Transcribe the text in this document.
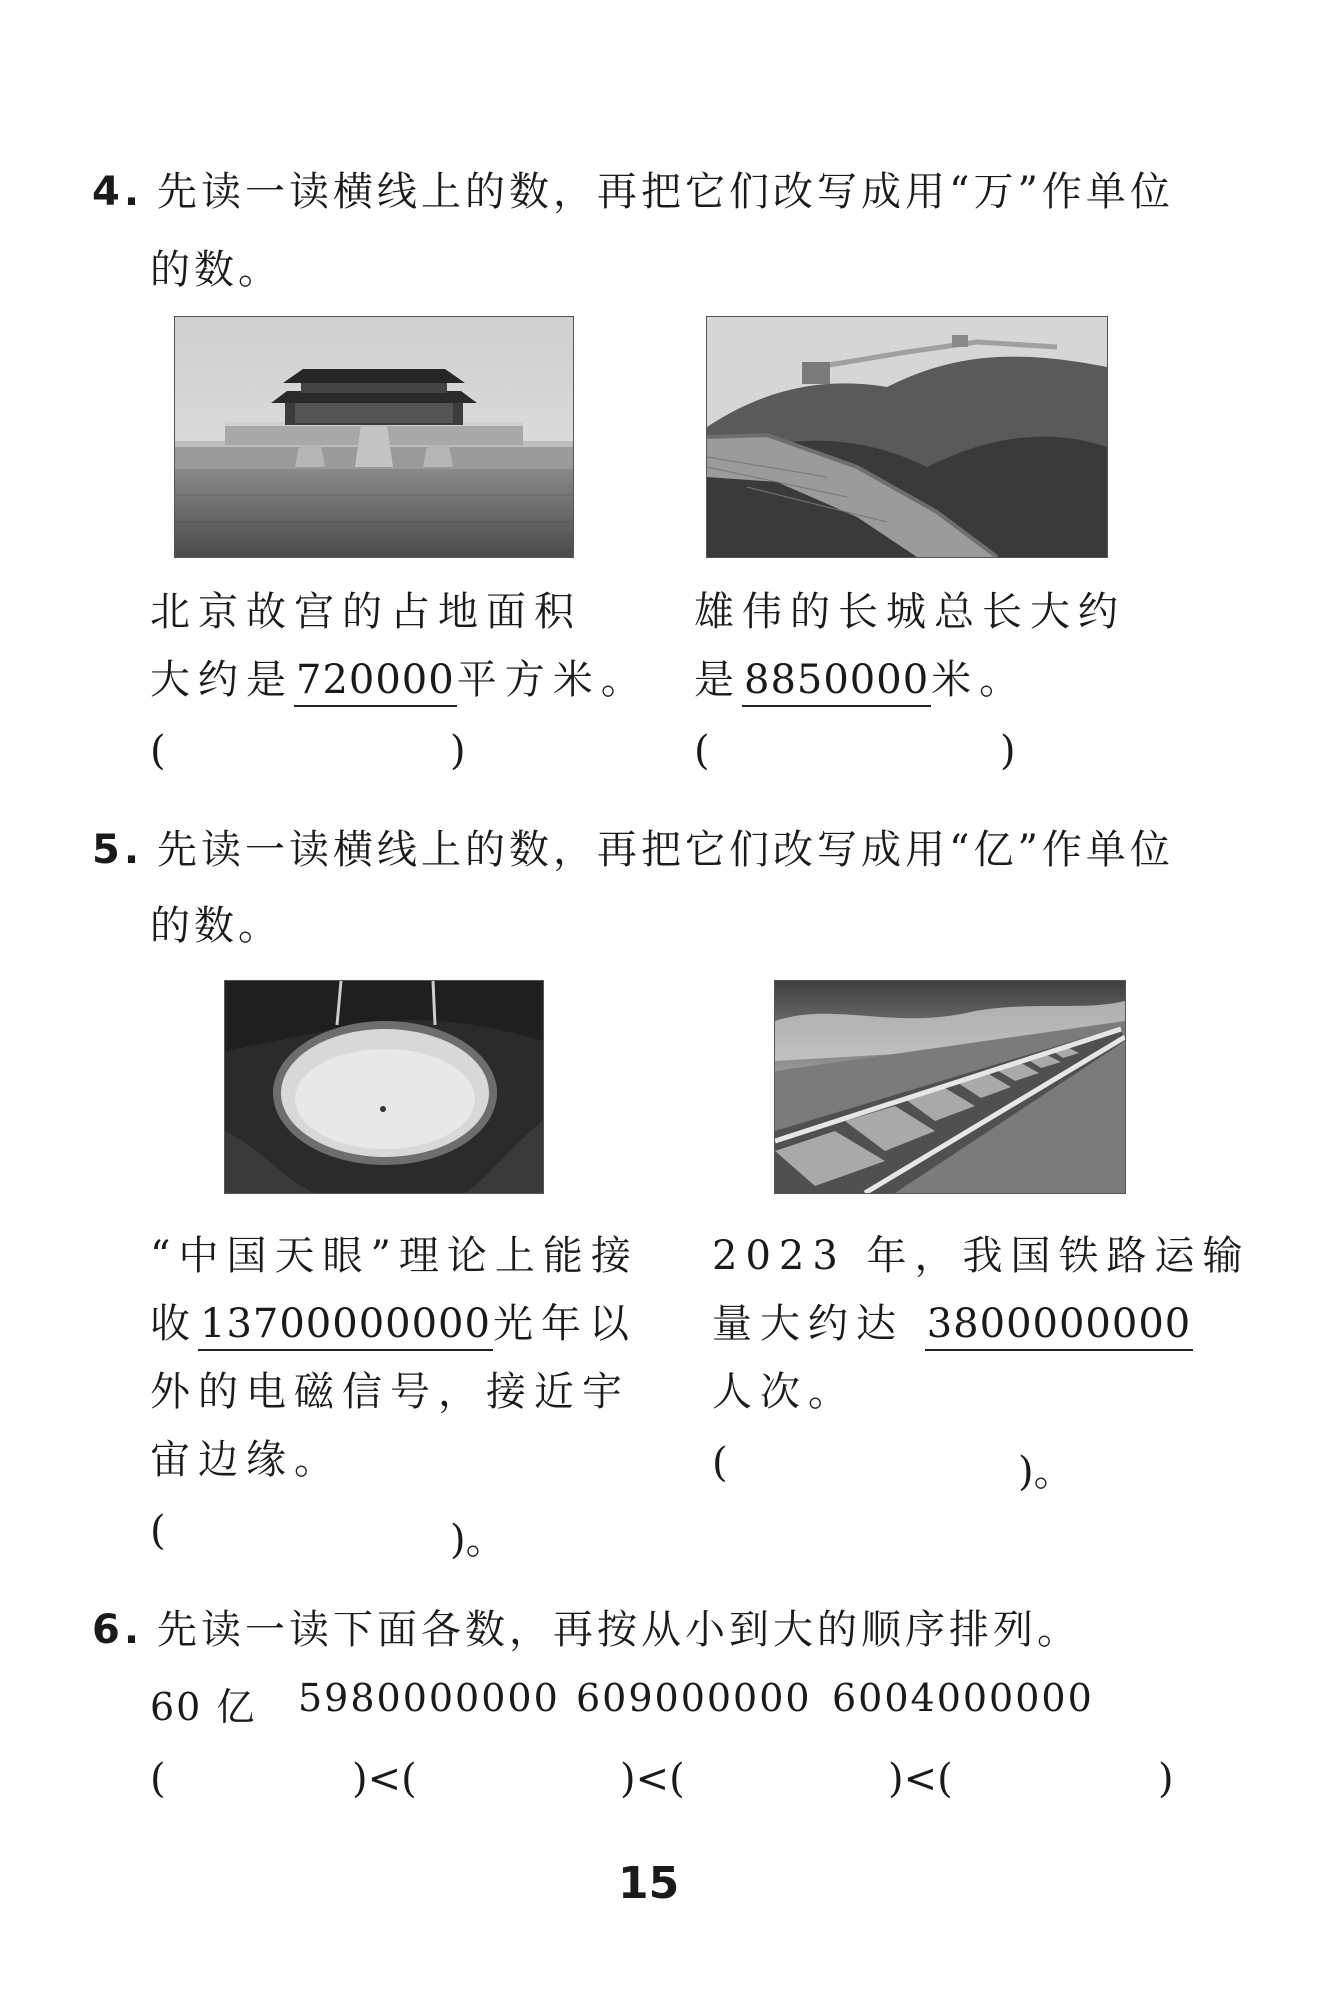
4. 先读一读横线上的数，再把它们改写成用“万”作单位
的数。
北京故宫的占地面积
大约是720000平方米。
(	)
雄伟的长城总长大约
是8850000米。
(	)
5. 先读一读横线上的数，再把它们改写成用“亿”作单位
的数。
“中国天眼”理论上能接
收13700000000光年以
外的电磁信号，接近宇
宙边缘。
(	)。
2023 年，我国铁路运输
量大约达 3800000000
人次。
(	)。
6. 先读一读下面各数，再按从小到大的顺序排列。
60 亿 5980000000 609000000 6004000000
(	)<(	)<(	)<(	)
15
